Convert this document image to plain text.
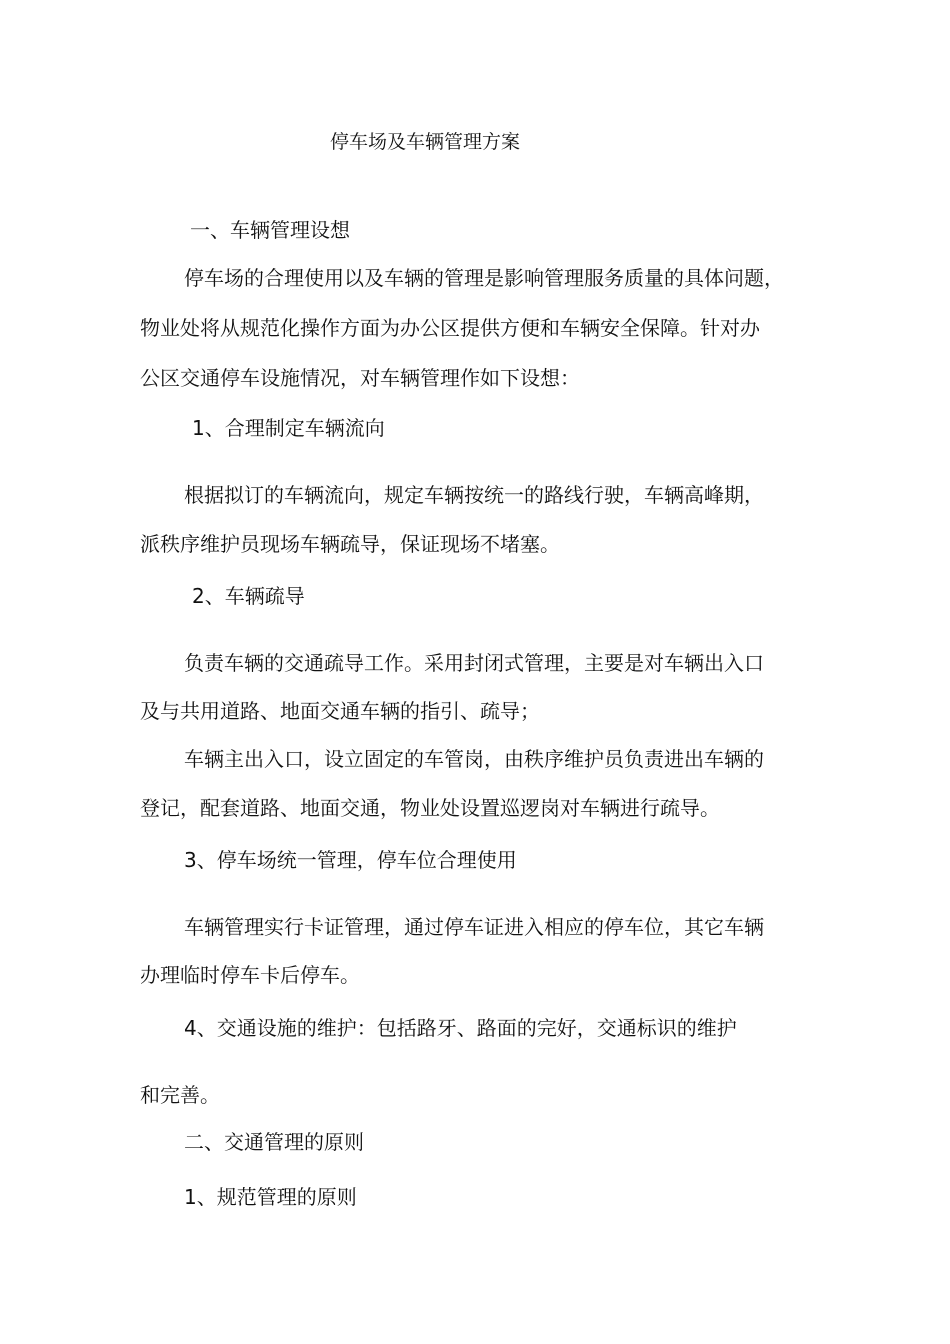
停车场及车辆管理方案

一、车辆管理设想

停车场的合理使用以及车辆的管理是影响管理服务质量的具体问题，

物业处将从规范化操作方面为办公区提供方便和车辆安全保障。针对办

公区交通停车设施情况，对车辆管理作如下设想：

1、合理制定车辆流向

根据拟订的车辆流向，规定车辆按统一的路线行驶，车辆高峰期，

派秩序维护员现场车辆疏导，保证现场不堵塞。

2、车辆疏导

负责车辆的交通疏导工作。采用封闭式管理，主要是对车辆出入口

及与共用道路、地面交通车辆的指引、疏导；

车辆主出入口，设立固定的车管岗，由秩序维护员负责进出车辆的

登记，配套道路、地面交通，物业处设置巡逻岗对车辆进行疏导。

3、停车场统一管理，停车位合理使用

车辆管理实行卡证管理，通过停车证进入相应的停车位，其它车辆

办理临时停车卡后停车。

4、交通设施的维护：包括路牙、路面的完好，交通标识的维护

和完善。

二、交通管理的原则

1、规范管理的原则
